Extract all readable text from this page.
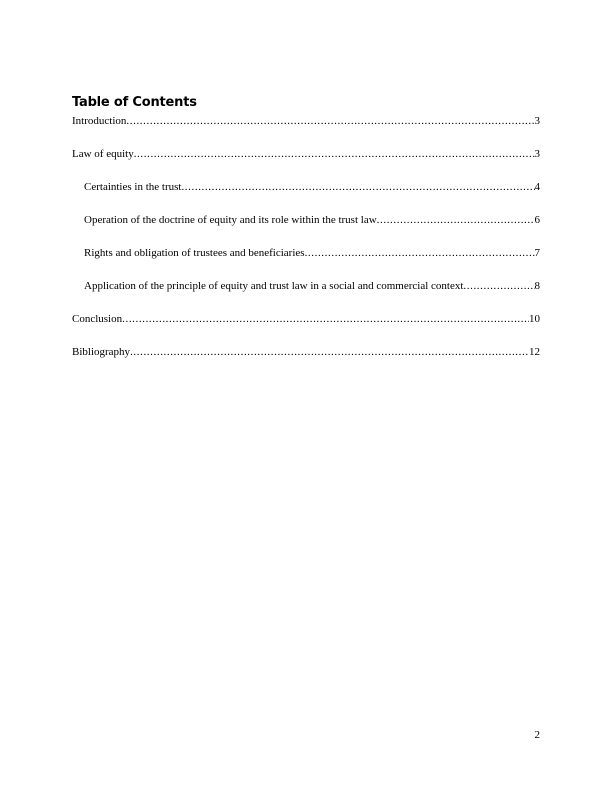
Table of Contents
Introduction .....	3
Law of equity .....	3
Certainties in the trust .....	4
Operation of the doctrine of equity and its role within the trust law .....	6
Rights and obligation of trustees and beneficiaries .....	7
Application of the principle of equity and trust law in a social and commercial context .....	8
Conclusion .....	10
Bibliography .....	12
2
